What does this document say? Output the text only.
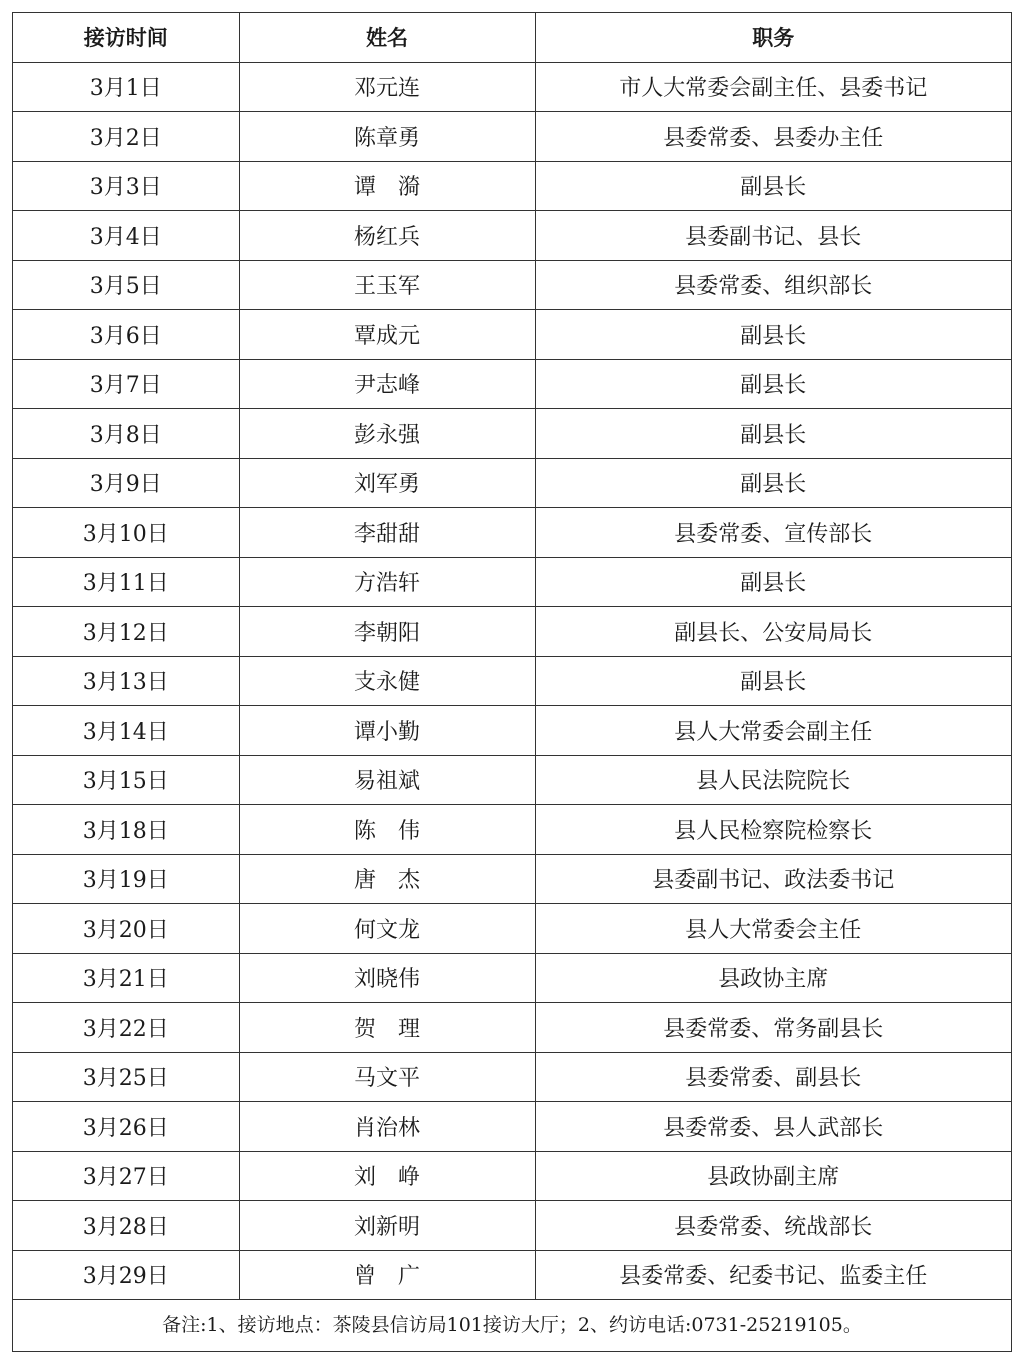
接访时间	姓名	职务
3月1日	邓元连	市人大常委会副主任、县委书记
3月2日	陈章勇	县委常委、县委办主任
3月3日	谭　漪	副县长
3月4日	杨红兵	县委副书记、县长
3月5日	王玉军	县委常委、组织部长
3月6日	覃成元	副县长
3月7日	尹志峰	副县长
3月8日	彭永强	副县长
3月9日	刘军勇	副县长
3月10日	李甜甜	县委常委、宣传部长
3月11日	方浩轩	副县长
3月12日	李朝阳	副县长、公安局局长
3月13日	支永健	副县长
3月14日	谭小勤	县人大常委会副主任
3月15日	易祖斌	县人民法院院长
3月18日	陈　伟	县人民检察院检察长
3月19日	唐　杰	县委副书记、政法委书记
3月20日	何文龙	县人大常委会主任
3月21日	刘晓伟	县政协主席
3月22日	贺　理	县委常委、常务副县长
3月25日	马文平	县委常委、副县长
3月26日	肖治林	县委常委、县人武部长
3月27日	刘　峥	县政协副主席
3月28日	刘新明	县委常委、统战部长
3月29日	曾　广	县委常委、纪委书记、监委主任
备注:1、接访地点：茶陵县信访局101接访大厅；2、约访电话:0731-25219105。
